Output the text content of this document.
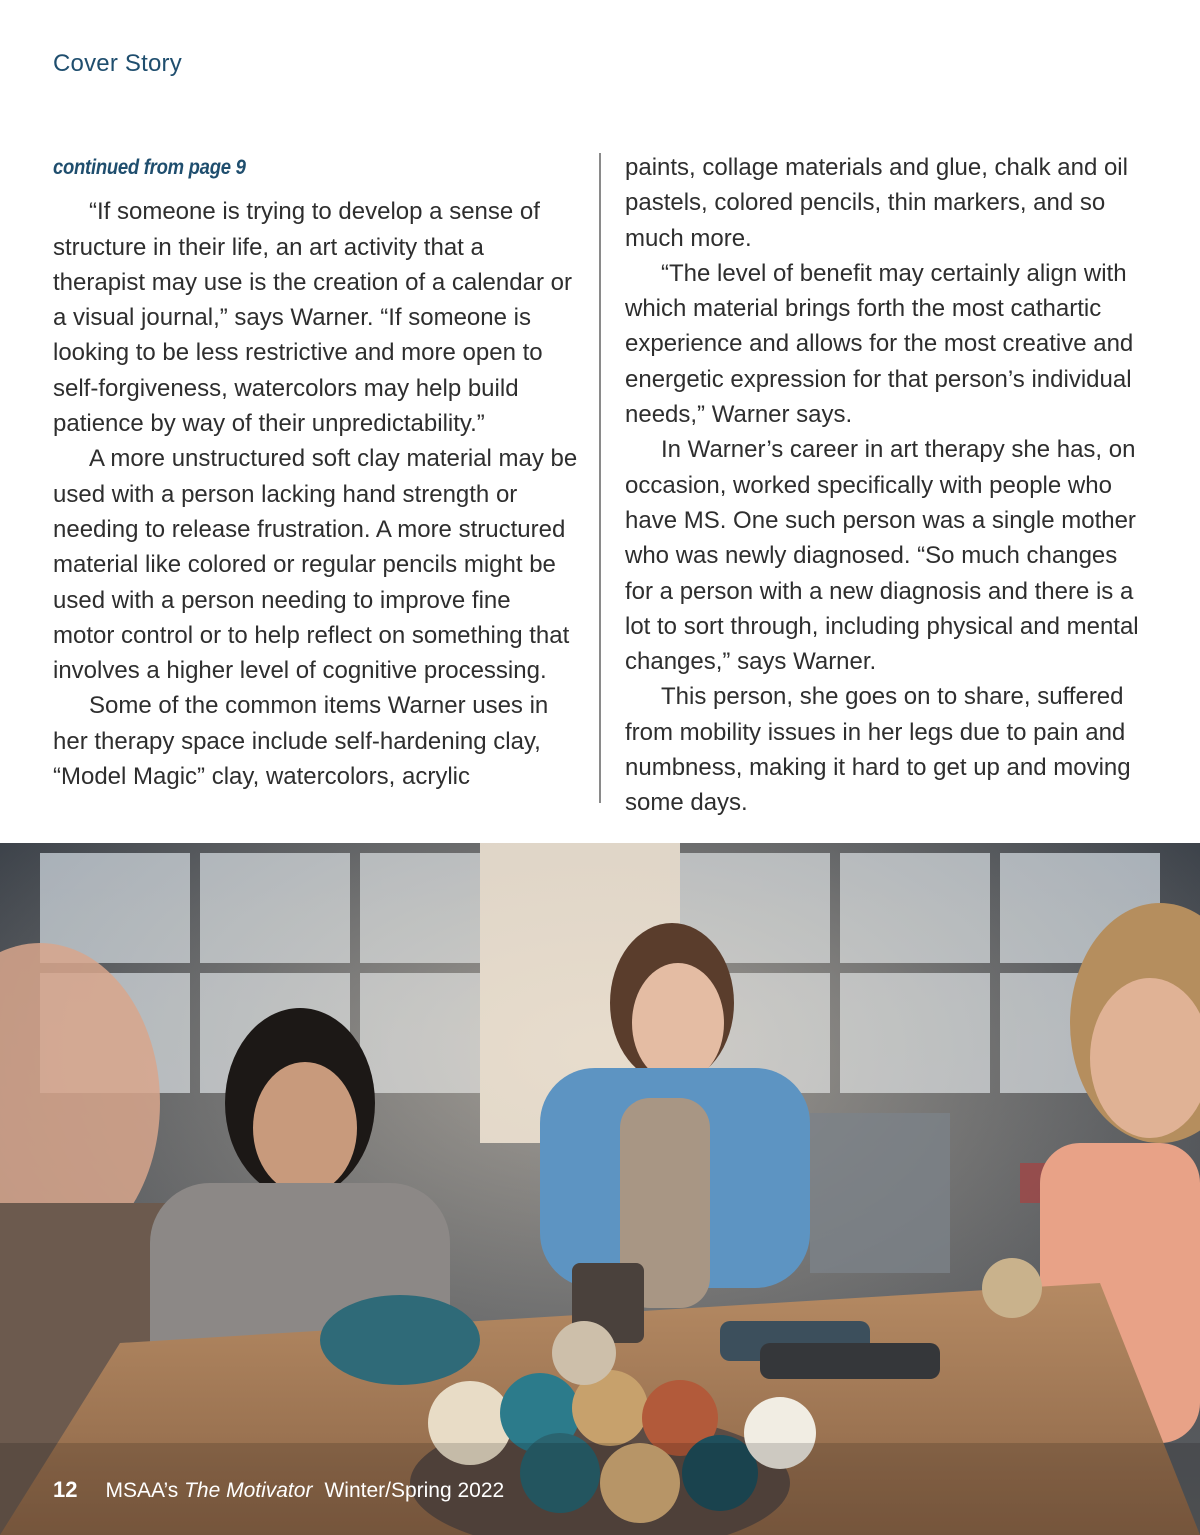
Cover Story
continued from page 9

“If someone is trying to develop a sense of structure in their life, an art activity that a therapist may use is the creation of a calendar or a visual journal,” says Warner. “If someone is looking to be less restrictive and more open to self-forgiveness, watercolors may help build patience by way of their unpredictability.”

A more unstructured soft clay material may be used with a person lacking hand strength or needing to release frustration. A more structured material like colored or regular pencils might be used with a person needing to improve fine motor control or to help reflect on something that involves a higher level of cognitive processing.

Some of the common items Warner uses in her therapy space include self-hardening clay, “Model Magic” clay, watercolors, acrylic

paints, collage materials and glue, chalk and oil pastels, colored pencils, thin markers, and so much more.

“The level of benefit may certainly align with which material brings forth the most cathartic experience and allows for the most creative and energetic expression for that person’s individual needs,” Warner says.

In Warner’s career in art therapy she has, on occasion, worked specifically with people who have MS. One such person was a single mother who was newly diagnosed. “So much changes for a person with a new diagnosis and there is a lot to sort through, including physical and mental changes,” says Warner.

This person, she goes on to share, suffered from mobility issues in her legs due to pain and numbness, making it hard to get up and moving some days.

12 MSAA’s The Motivator Winter/Spring 2022
